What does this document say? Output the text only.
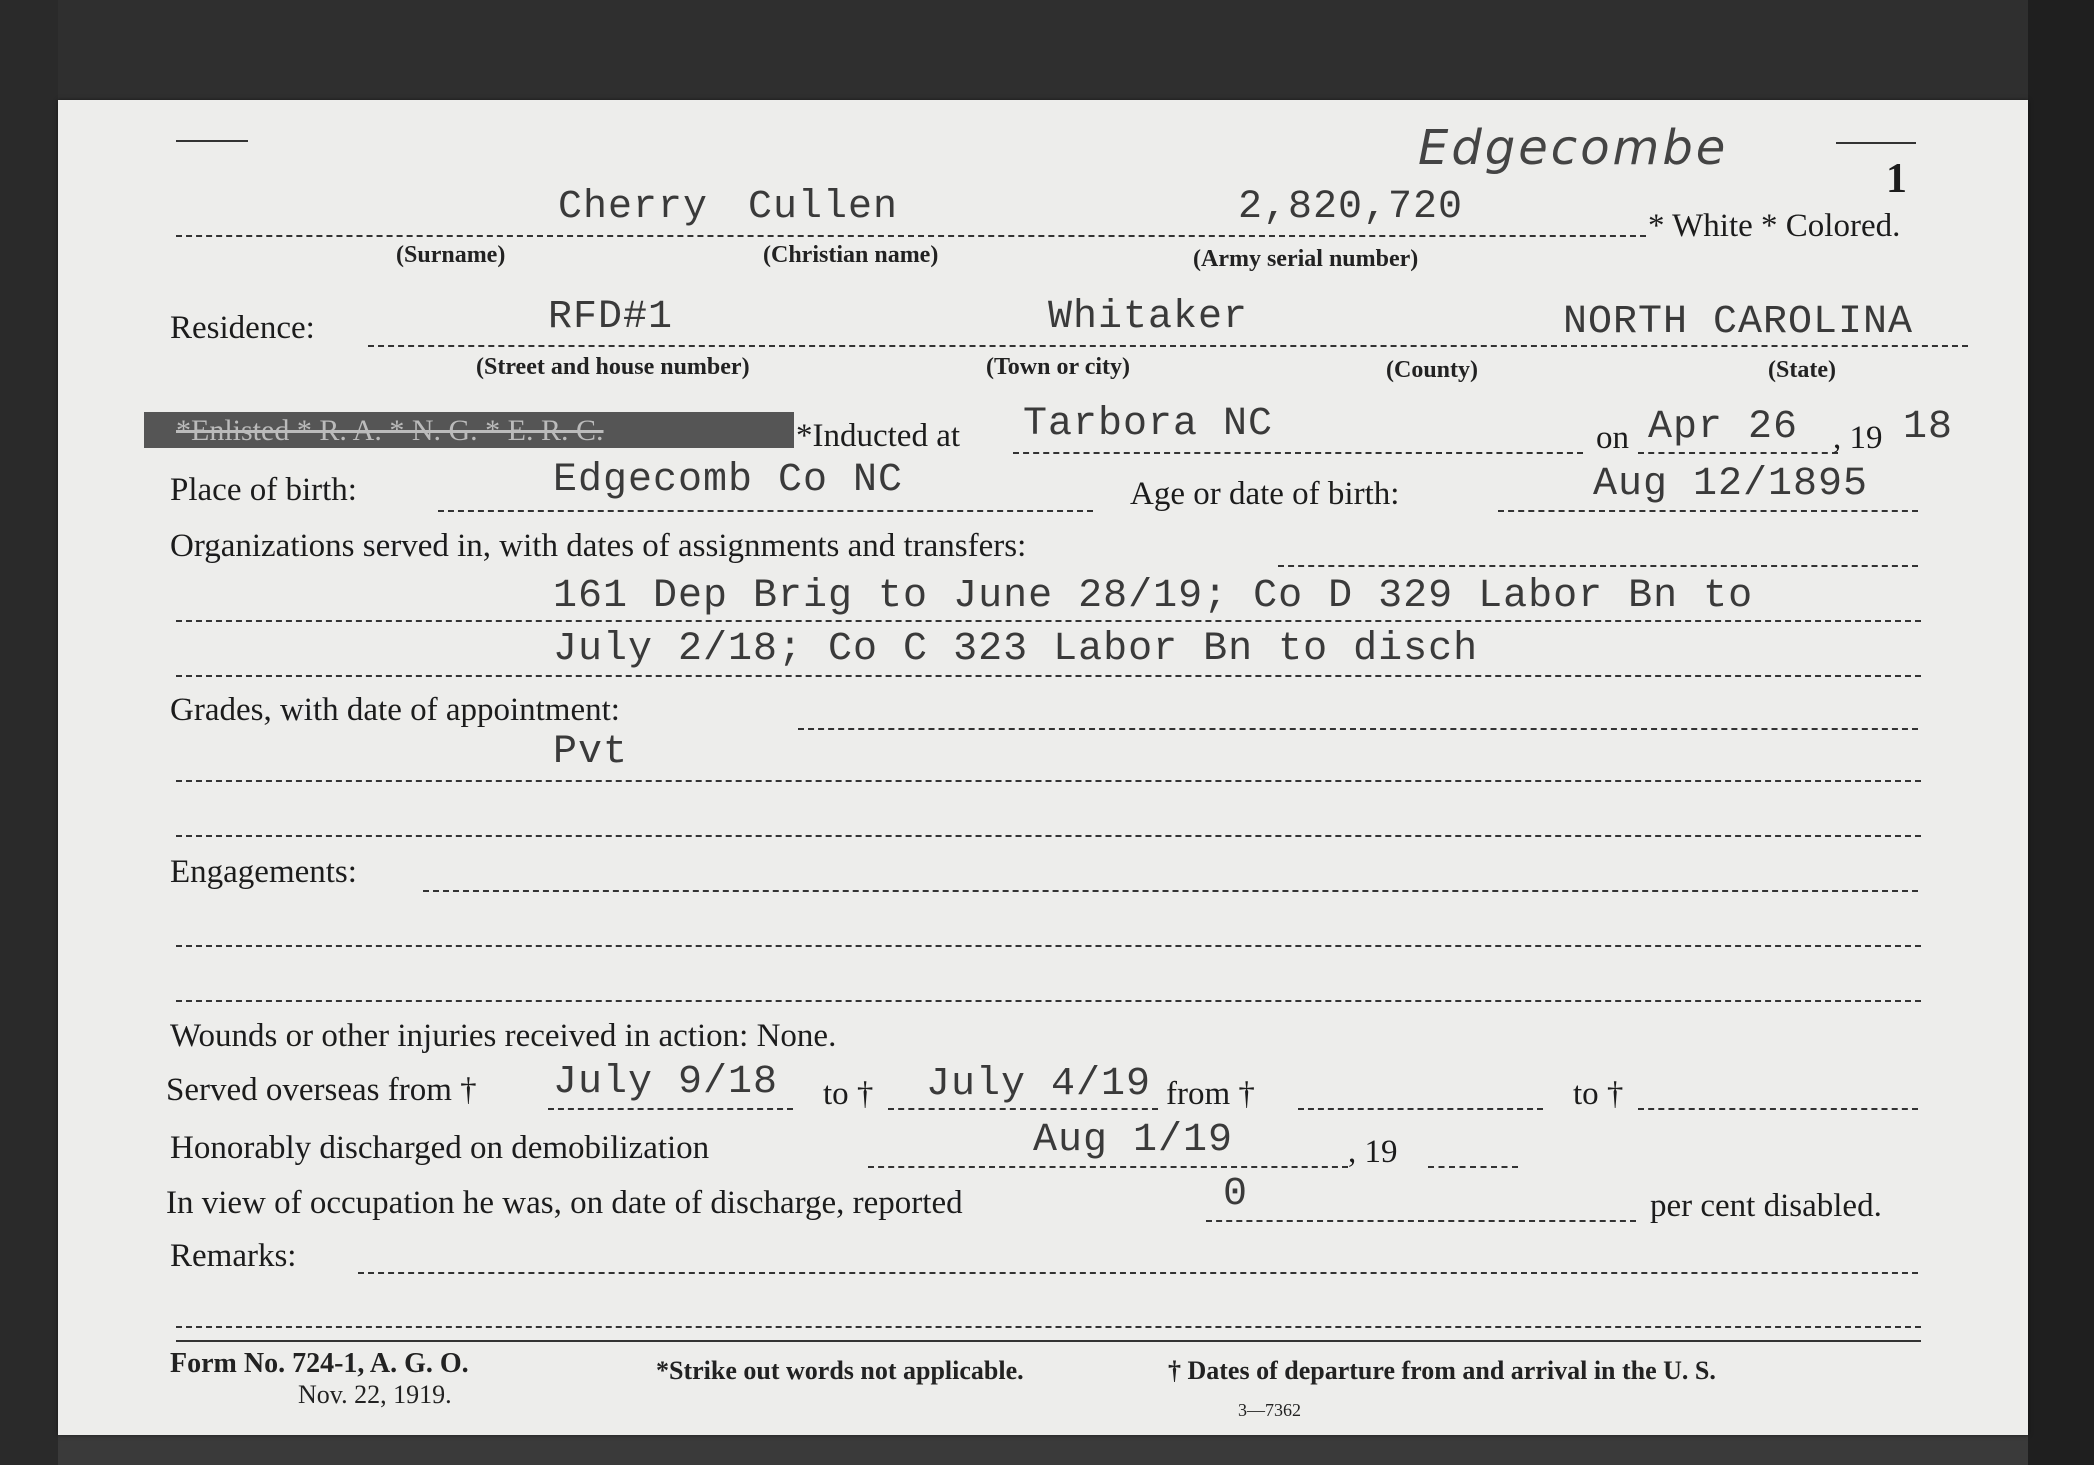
1
Edgecombe
Cherry Cullen	2,820,720	* White * Colored.
(Surname)	(Christian name)	(Army serial number)
Residence:	RFD#1	Whitaker	NORTH CAROLINA
(Street and house number)	(Town or city)	(County)	(State)
*Enlisted * R. A. * N. G. * E. R. C.	*Inducted at Tarbora NC	on Apr 26 , 19 18
Place of birth:	Edgecomb Co NC	Age or date of birth:	Aug 12/1895
Organizations served in, with dates of assignments and transfers:
161 Dep Brig to June 28/19; Co D 329 Labor Bn to
July 2/18; Co C 323 Labor Bn to disch
Grades, with date of appointment:
Pvt
Engagements:
Wounds or other injuries received in action: None.
Served overseas from † July 9/18 to † July 4/19 from †	to †
Honorably discharged on demobilization	Aug 1/19	, 19
In view of occupation he was, on date of discharge, reported	0	per cent disabled.
Remarks:
Form No. 724-1, A. G. O.
Nov. 22, 1919.
*Strike out words not applicable.	† Dates of departure from and arrival in the U. S.
3—7362
